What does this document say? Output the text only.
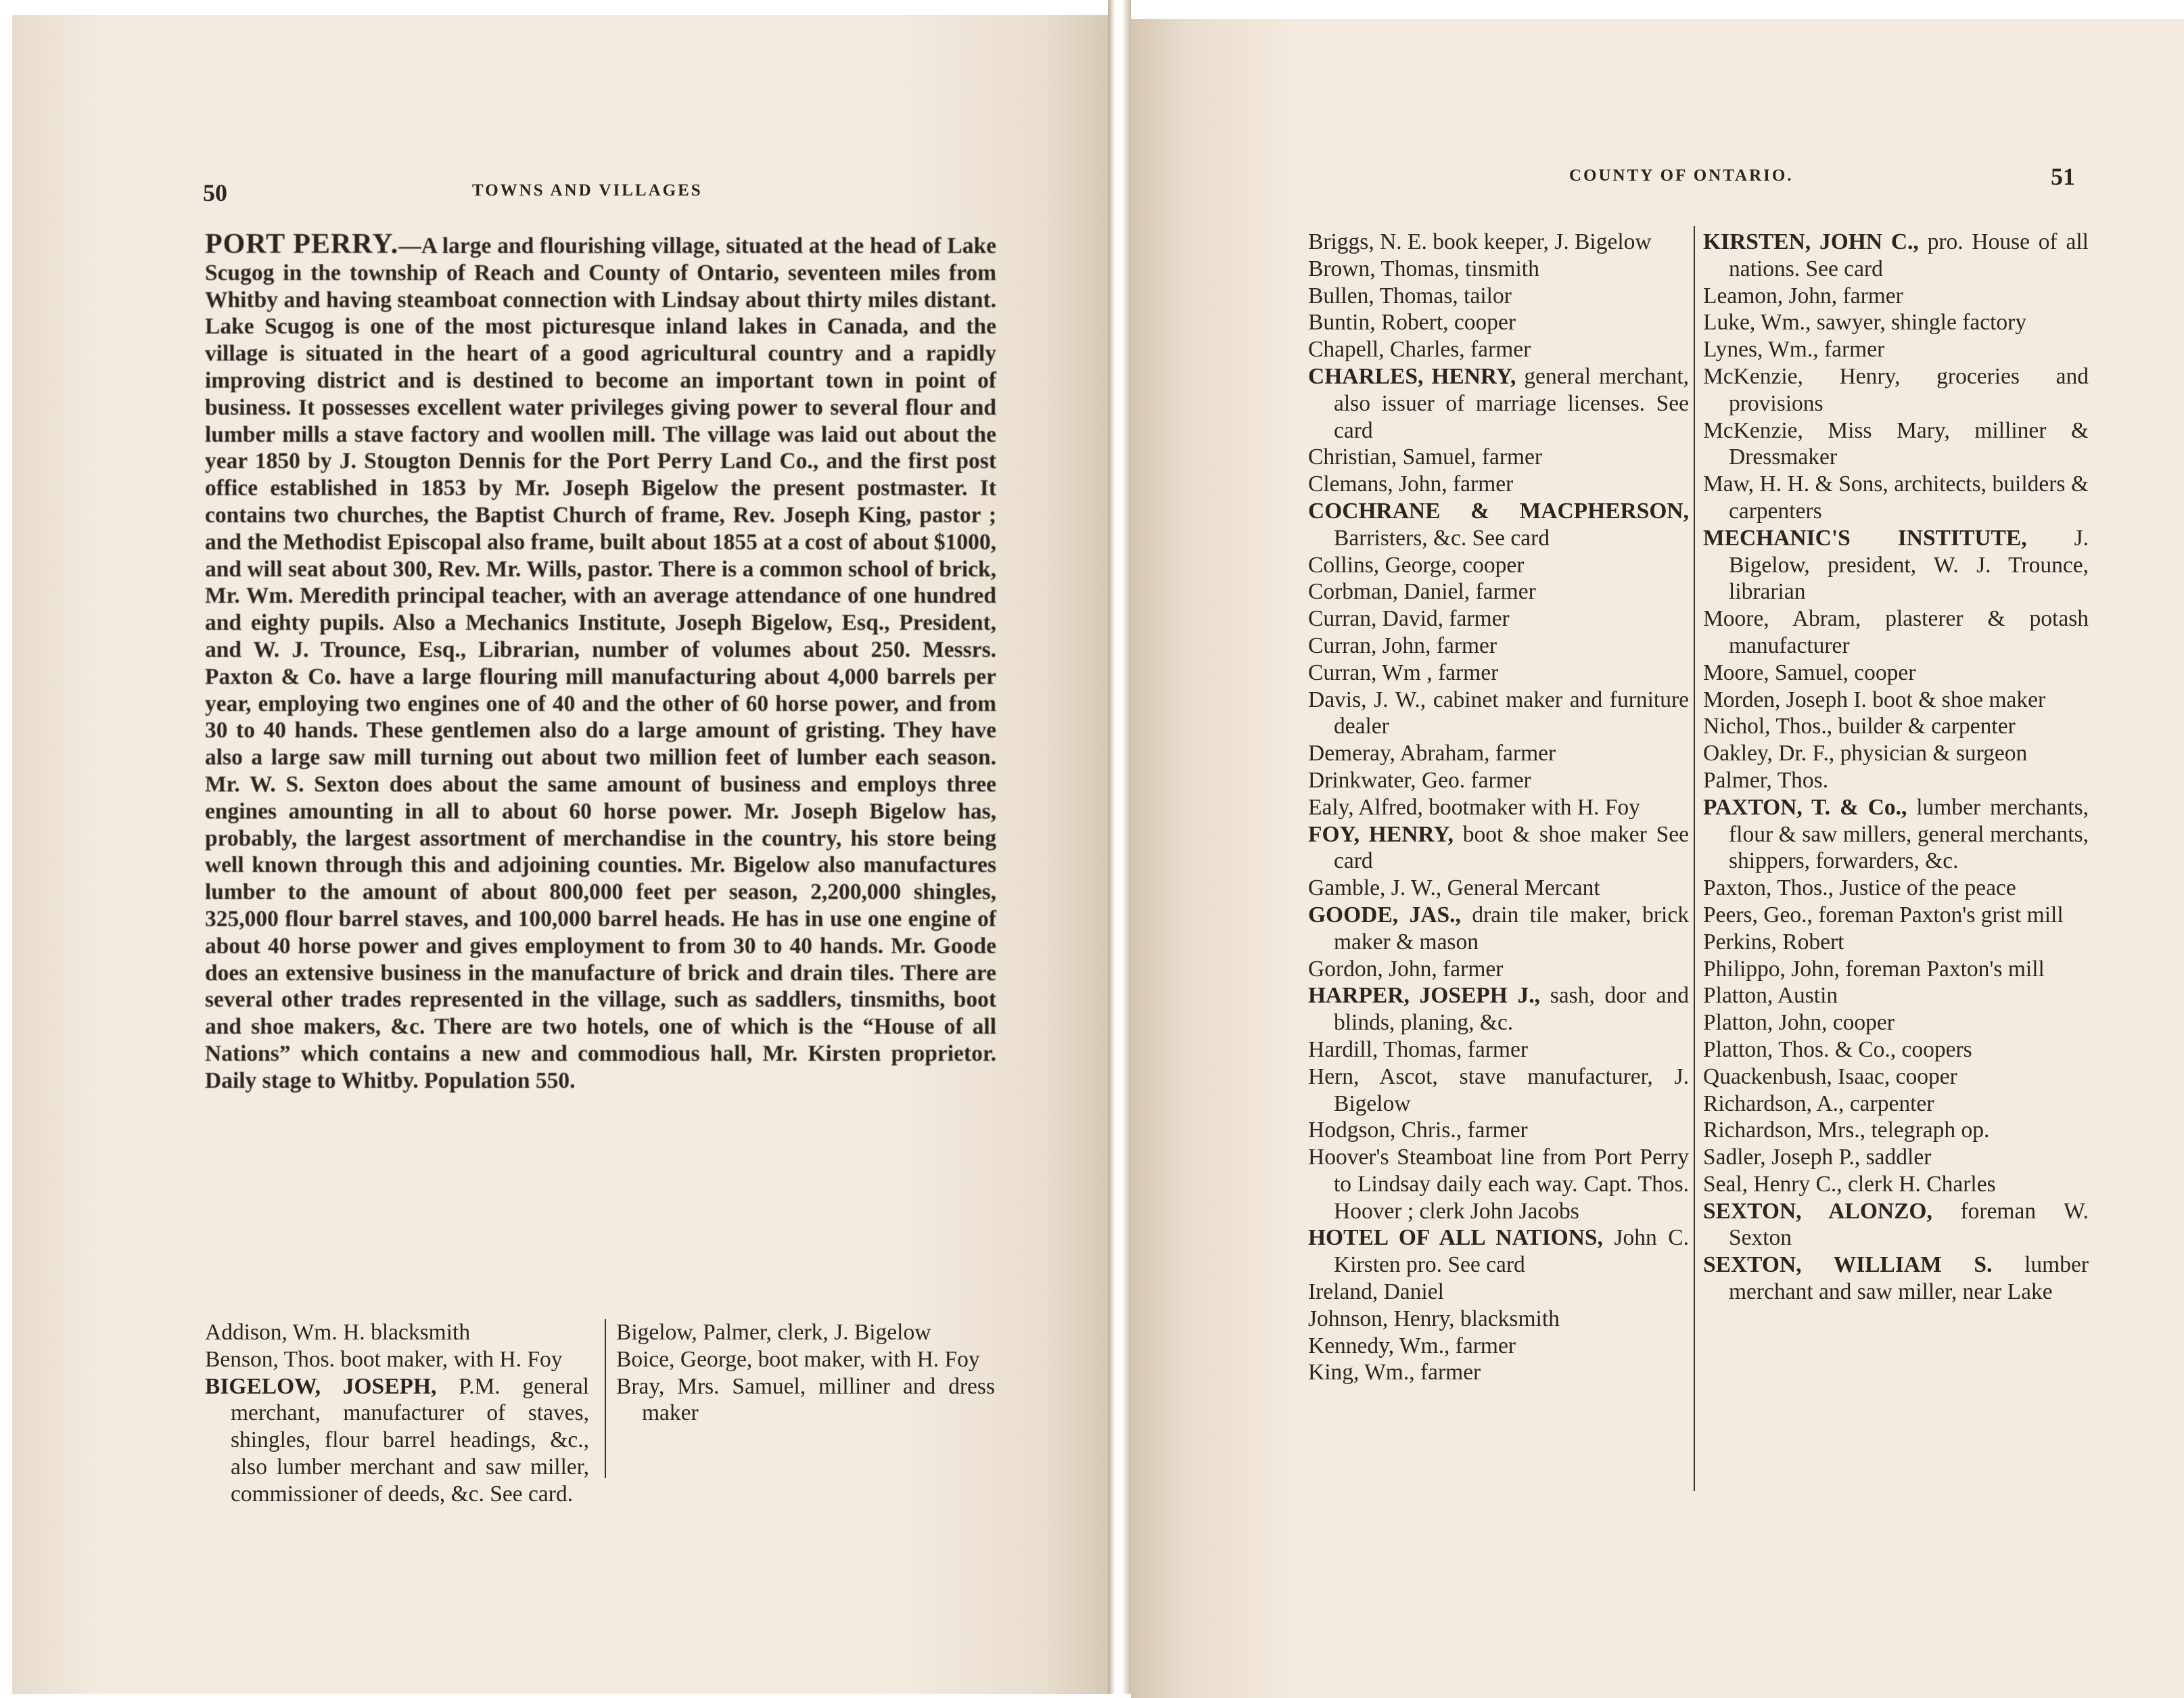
50	TOWNS AND VILLAGES
PORT PERRY.—A large and flourishing village, situated at the head of Lake Scugog in the township of Reach and County of Ontario, seventeen miles from Whitby and having steamboat connection with Lindsay about thirty miles distant. Lake Scugog is one of the most picturesque inland lakes in Canada, and the village is situated in the heart of a good agricultural country and a rapidly improving district and is destined to become an important town in point of business. It possesses excellent water privileges giving power to several flour and lumber mills a stave factory and woollen mill. The village was laid out about the year 1850 by J. Stougton Dennis for the Port Perry Land Co., and the first post office established in 1853 by Mr. Joseph Bigelow the present postmaster. It contains two churches, the Baptist Church of frame, Rev. Joseph King, pastor ; and the Methodist Episcopal also frame, built about 1855 at a cost of about $1000, and will seat about 300, Rev. Mr. Wills, pastor. There is a common school of brick, Mr. Wm. Meredith principal teacher, with an average attendance of one hundred and eighty pupils. Also a Mechanics Institute, Joseph Bigelow, Esq., President, and W. J. Trounce, Esq., Librarian, number of volumes about 250. Messrs. Paxton & Co. have a large flouring mill manufacturing about 4,000 barrels per year, employing two engines one of 40 and the other of 60 horse power, and from 30 to 40 hands. These gentlemen also do a large amount of gristing. They have also a large saw mill turning out about two million feet of lumber each season. Mr. W. S. Sexton does about the same amount of business and employs three engines amounting in all to about 60 horse power. Mr. Joseph Bigelow has, probably, the largest assortment of merchandise in the country, his store being well known through this and adjoining counties. Mr. Bigelow also manufactures lumber to the amount of about 800,000 feet per season, 2,200,000 shingles, 325,000 flour barrel staves, and 100,000 barrel heads. He has in use one engine of about 40 horse power and gives employment to from 30 to 40 hands. Mr. Goode does an extensive business in the manufacture of brick and drain tiles. There are several other trades represented in the village, such as saddlers, tinsmiths, boot and shoe makers, &c. There are two hotels, one of which is the “House of all Nations” which contains a new and commodious hall, Mr. Kirsten proprietor. Daily stage to Whitby. Population 550.
Addison, Wm. H. blacksmith
Benson, Thos. boot maker, with H. Foy
BIGELOW, JOSEPH, P.M. general merchant, manufacturer of staves, shingles, flour barrel headings, &c., also lumber merchant and saw miller, commissioner of deeds, &c. See card.
Bigelow, Palmer, clerk, J. Bigelow
Boice, George, boot maker, with H. Foy
Bray, Mrs. Samuel, milliner and dress maker
COUNTY OF ONTARIO.	51
Briggs, N. E. book keeper, J. Bigelow
Brown, Thomas, tinsmith
Bullen, Thomas, tailor
Buntin, Robert, cooper
Chapell, Charles, farmer
CHARLES, HENRY, general merchant, also issuer of marriage licenses. See card
Christian, Samuel, farmer
Clemans, John, farmer
COCHRANE & MACPHERSON, Barristers, &c. See card
Collins, George, cooper
Corbman, Daniel, farmer
Curran, David, farmer
Curran, John, farmer
Curran, Wm , farmer
Davis, J. W., cabinet maker and furniture dealer
Demeray, Abraham, farmer
Drinkwater, Geo. farmer
Ealy, Alfred, bootmaker with H. Foy
FOY, HENRY, boot & shoe maker See card
Gamble, J. W., General Mercant
GOODE, JAS., drain tile maker, brick maker & mason
Gordon, John, farmer
HARPER, JOSEPH J., sash, door and blinds, planing, &c.
Hardill, Thomas, farmer
Hern, Ascot, stave manufacturer, J. Bigelow
Hodgson, Chris., farmer
Hoover's Steamboat line from Port Perry to Lindsay daily each way. Capt. Thos. Hoover ; clerk John Jacobs
HOTEL OF ALL NATIONS, John C. Kirsten pro. See card
Ireland, Daniel
Johnson, Henry, blacksmith
Kennedy, Wm., farmer
King, Wm., farmer
KIRSTEN, JOHN C., pro. House of all nations. See card
Leamon, John, farmer
Luke, Wm., sawyer, shingle factory
Lynes, Wm., farmer
McKenzie, Henry, groceries and provisions
McKenzie, Miss Mary, milliner & Dressmaker
Maw, H. H. & Sons, architects, builders & carpenters
MECHANIC'S INSTITUTE, J. Bigelow, president, W. J. Trounce, librarian
Moore, Abram, plasterer & potash manufacturer
Moore, Samuel, cooper
Morden, Joseph I. boot & shoe maker
Nichol, Thos., builder & carpenter
Oakley, Dr. F., physician & surgeon
Palmer, Thos.
PAXTON, T. & Co., lumber merchants, flour & saw millers, general merchants, shippers, forwarders, &c.
Paxton, Thos., Justice of the peace
Peers, Geo., foreman Paxton's grist mill
Perkins, Robert
Philippo, John, foreman Paxton's mill
Platton, Austin
Platton, John, cooper
Platton, Thos. & Co., coopers
Quackenbush, Isaac, cooper
Richardson, A., carpenter
Richardson, Mrs., telegraph op.
Sadler, Joseph P., saddler
Seal, Henry C., clerk H. Charles
SEXTON, ALONZO, foreman W. Sexton
SEXTON, WILLIAM S. lumber merchant and saw miller, near Lake
